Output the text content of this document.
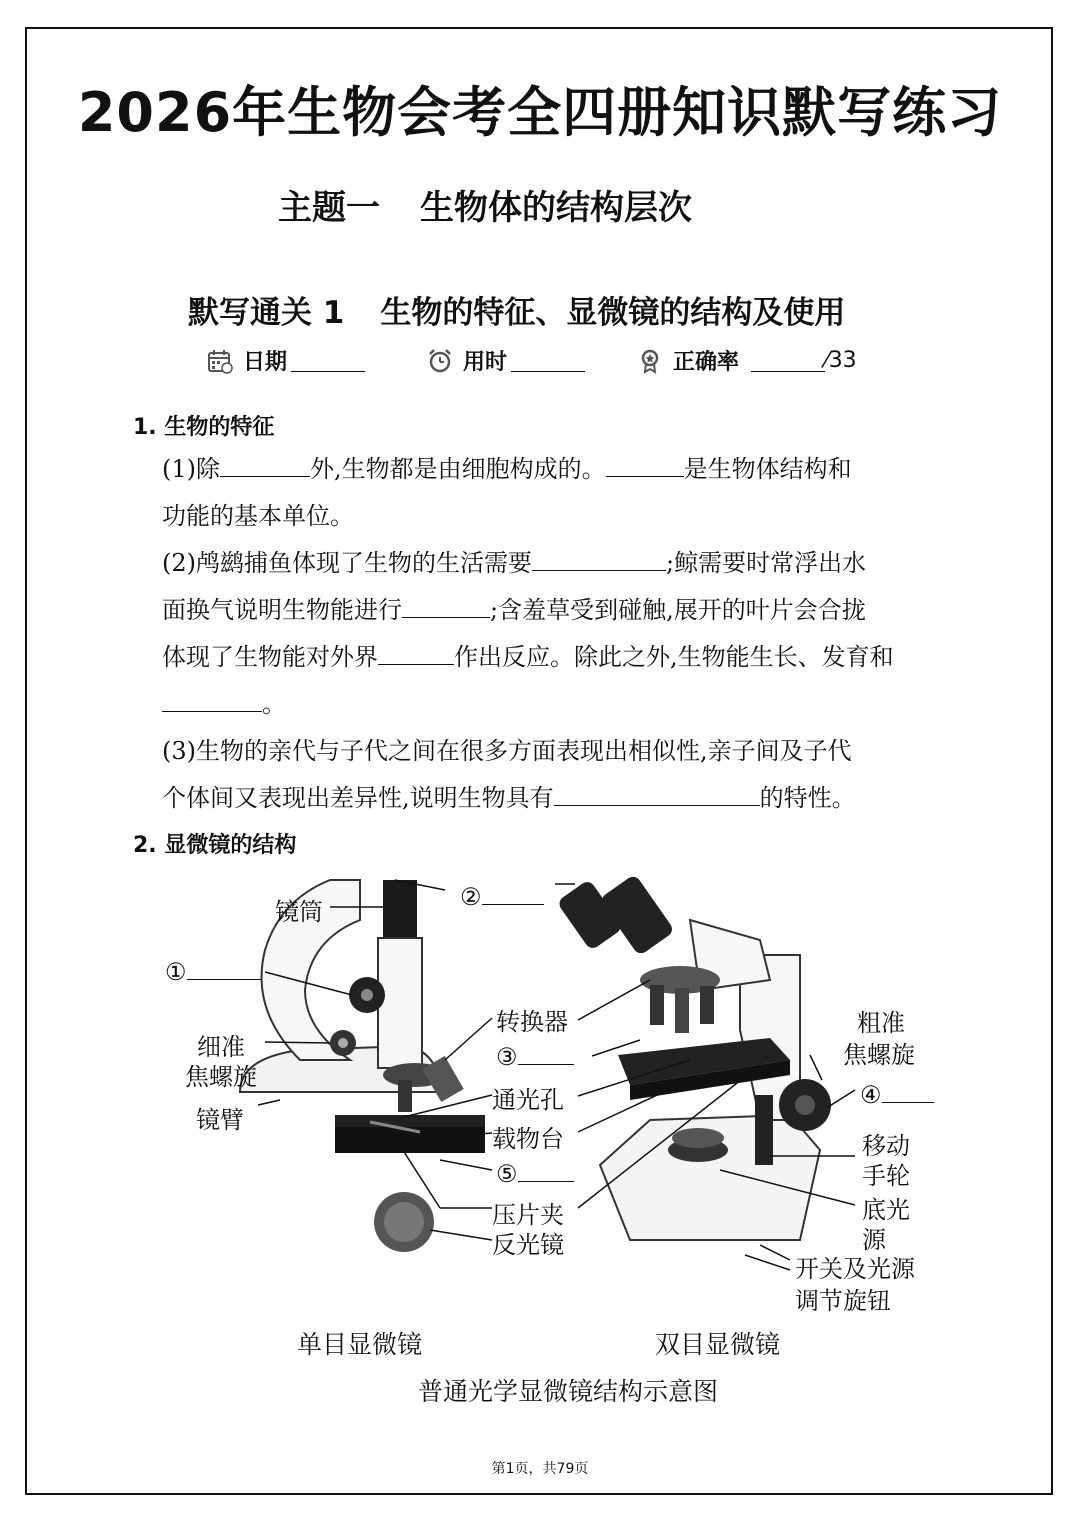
2026年生物会考全四册知识默写练习
主题一 生物体的结构层次
默写通关 1 生物的特征、显微镜的结构及使用
日期	用时	正确率	⁄33
1. 生物的特征
(1)除	外,生物都是由细胞构成的。	是生物体结构和
功能的基本单位。
(2)鸬鹚捕鱼体现了生物的生活需要	;鲸需要时常浮出水
面换气说明生物能进行	;含羞草受到碰触,展开的叶片会合拢
体现了生物能对外界	作出反应。除此之外,生物能生长、发育和
。
(3)生物的亲代与子代之间在很多方面表现出相似性,亲子间及子代
个体间又表现出差异性,说明生物具有	的特性。
2. 显微镜的结构
镜筒
②
①
细准
焦螺旋
镜臂
转换器
③
通光孔
载物台
⑤
压片夹
反光镜
粗准
焦螺旋
④
移动
手轮
底光
源
开关及光源
调节旋钮
单目显微镜	双目显微镜
普通光学显微镜结构示意图
第1页，共79页
